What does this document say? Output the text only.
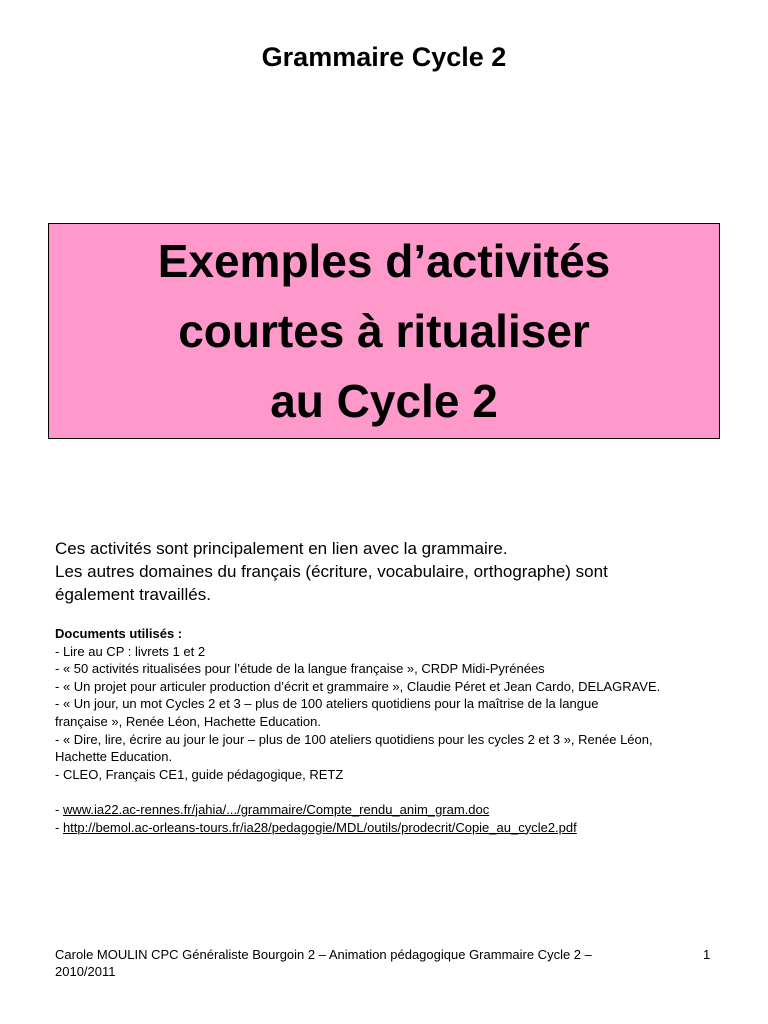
Grammaire Cycle 2
Exemples d’activités
courtes à ritualiser
au Cycle 2
Ces activités sont principalement en lien avec la grammaire.
Les autres domaines du français (écriture, vocabulaire, orthographe) sont
également travaillés.
Documents utilisés :
- Lire au CP : livrets 1 et 2
- « 50 activités ritualisées pour l’étude de la langue française », CRDP Midi-Pyrénées
- « Un projet pour articuler production d’écrit et grammaire », Claudie Péret et Jean Cardo, DELAGRAVE.
- « Un jour, un mot Cycles 2 et 3 – plus de 100 ateliers quotidiens pour la maîtrise de la langue
française », Renée Léon, Hachette Education.
- « Dire, lire, écrire au jour le jour – plus de 100 ateliers quotidiens pour les cycles 2 et 3 », Renée Léon,
Hachette Education.
- CLEO, Français CE1, guide pédagogique, RETZ
- www.ia22.ac-rennes.fr/jahia/.../grammaire/Compte_rendu_anim_gram.doc
- http://bemol.ac-orleans-tours.fr/ia28/pedagogie/MDL/outils/prodecrit/Copie_au_cycle2.pdf
Carole MOULIN CPC Généraliste Bourgoin 2 – Animation pédagogique Grammaire Cycle 2 –
2010/2011
1
